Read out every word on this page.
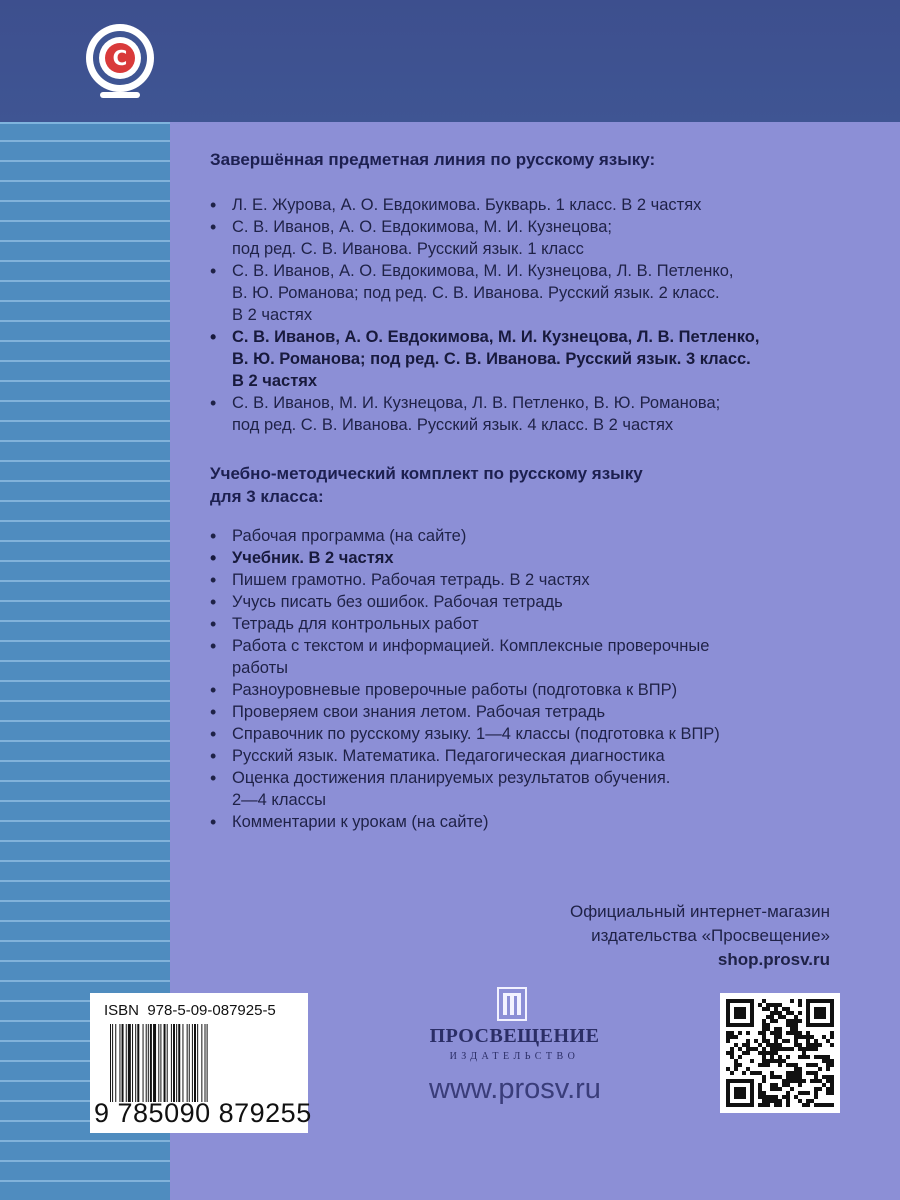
C
Завершённая предметная линия по русскому языку:
• Л. Е. Журова, А. О. Евдокимова. Букварь. 1 класс. В 2 частях
• С. В. Иванов, А. О. Евдокимова, М. И. Кузнецова;
под ред. С. В. Иванова. Русский язык. 1 класс
• С. В. Иванов, А. О. Евдокимова, М. И. Кузнецова, Л. В. Петленко,
В. Ю. Романова; под ред. С. В. Иванова. Русский язык. 2 класс.
В 2 частях
• С. В. Иванов, А. О. Евдокимова, М. И. Кузнецова, Л. В. Петленко,
В. Ю. Романова; под ред. С. В. Иванова. Русский язык. 3 класс.
В 2 частях
• С. В. Иванов, М. И. Кузнецова, Л. В. Петленко, В. Ю. Романова;
под ред. С. В. Иванова. Русский язык. 4 класс. В 2 частях
Учебно-методический комплект по русскому языку
для 3 класса:
• Рабочая программа (на сайте)
• Учебник. В 2 частях
• Пишем грамотно. Рабочая тетрадь. В 2 частях
• Учусь писать без ошибок. Рабочая тетрадь
• Тетрадь для контрольных работ
• Работа с текстом и информацией. Комплексные проверочные
работы
• Разноуровневые проверочные работы (подготовка к ВПР)
• Проверяем свои знания летом. Рабочая тетрадь
• Справочник по русскому языку. 1—4 классы (подготовка к ВПР)
• Русский язык. Математика. Педагогическая диагностика
• Оценка достижения планируемых результатов обучения.
2—4 классы
• Комментарии к урокам (на сайте)
Официальный интернет-магазин
издательства «Просвещение»
shop.prosv.ru
ISBN  978-5-09-087925-5
9 785090 879255
ПРОСВЕЩЕНИЕ
ИЗДАТЕЛЬСТВО
www.prosv.ru
